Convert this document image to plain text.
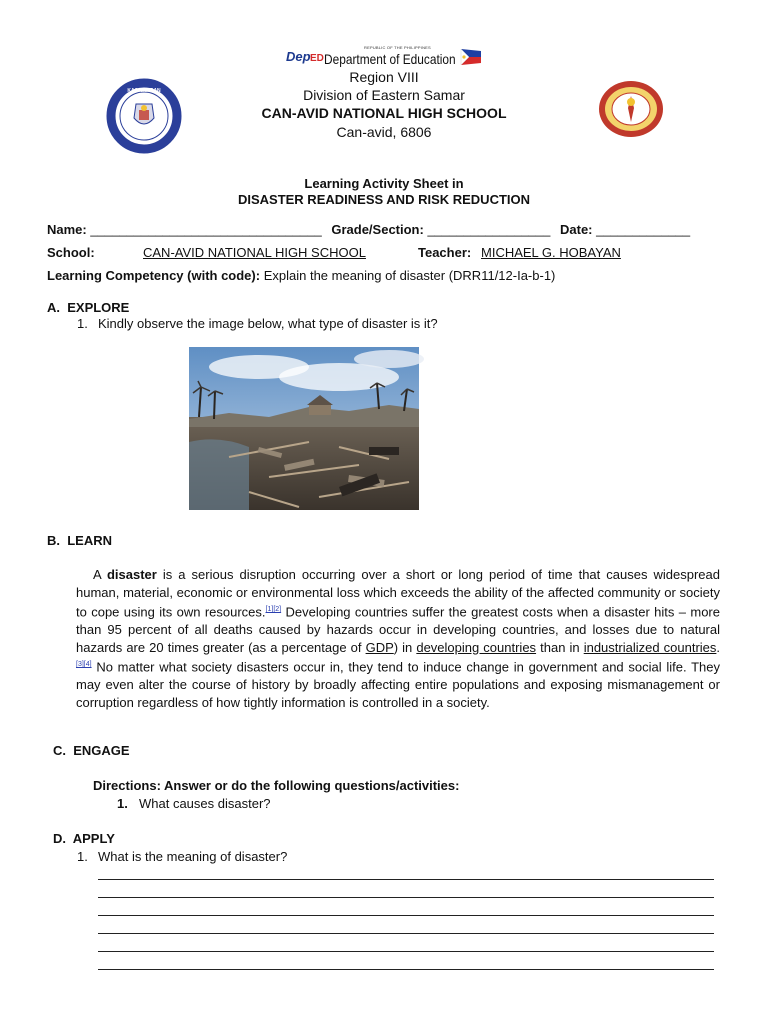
Dep ED
REPUBLIC OF THE PHILIPPINES
Department of Education
Region VIII
Division of Eastern Samar
CAN-AVID NATIONAL HIGH SCHOOL
Can-avid, 6806
KAGAWARAN
Learning Activity Sheet in
DISASTER READINESS AND RISK REDUCTION
Name: ________________________________ Grade/Section: _________________ Date: _____________
School:	CAN-AVID NATIONAL HIGH SCHOOL	Teacher: MICHAEL G. HOBAYAN
Learning Competency (with code): Explain the meaning of disaster (DRR11/12-Ia-b-1)
A.  EXPLORE
1. Kindly observe the image below, what type of disaster is it?
B.  LEARN
A disaster is a serious disruption occurring over a short or long period of time that causes widespread human, material, economic or environmental loss which exceeds the ability of the affected community or society to cope using its own resources.[1][2] Developing countries suffer the greatest costs when a disaster hits – more than 95 percent of all deaths caused by hazards occur in developing countries, and losses due to natural hazards are 20 times greater (as a percentage of GDP) in developing countries than in industrialized countries.[3][4] No matter what society disasters occur in, they tend to induce change in government and social life. They may even alter the course of history by broadly affecting entire populations and exposing mismanagement or corruption regardless of how tightly information is controlled in a society.
C.  ENGAGE
Directions: Answer or do the following questions/activities:
1. What causes disaster?
D.  APPLY
1. What is the meaning of disaster?
